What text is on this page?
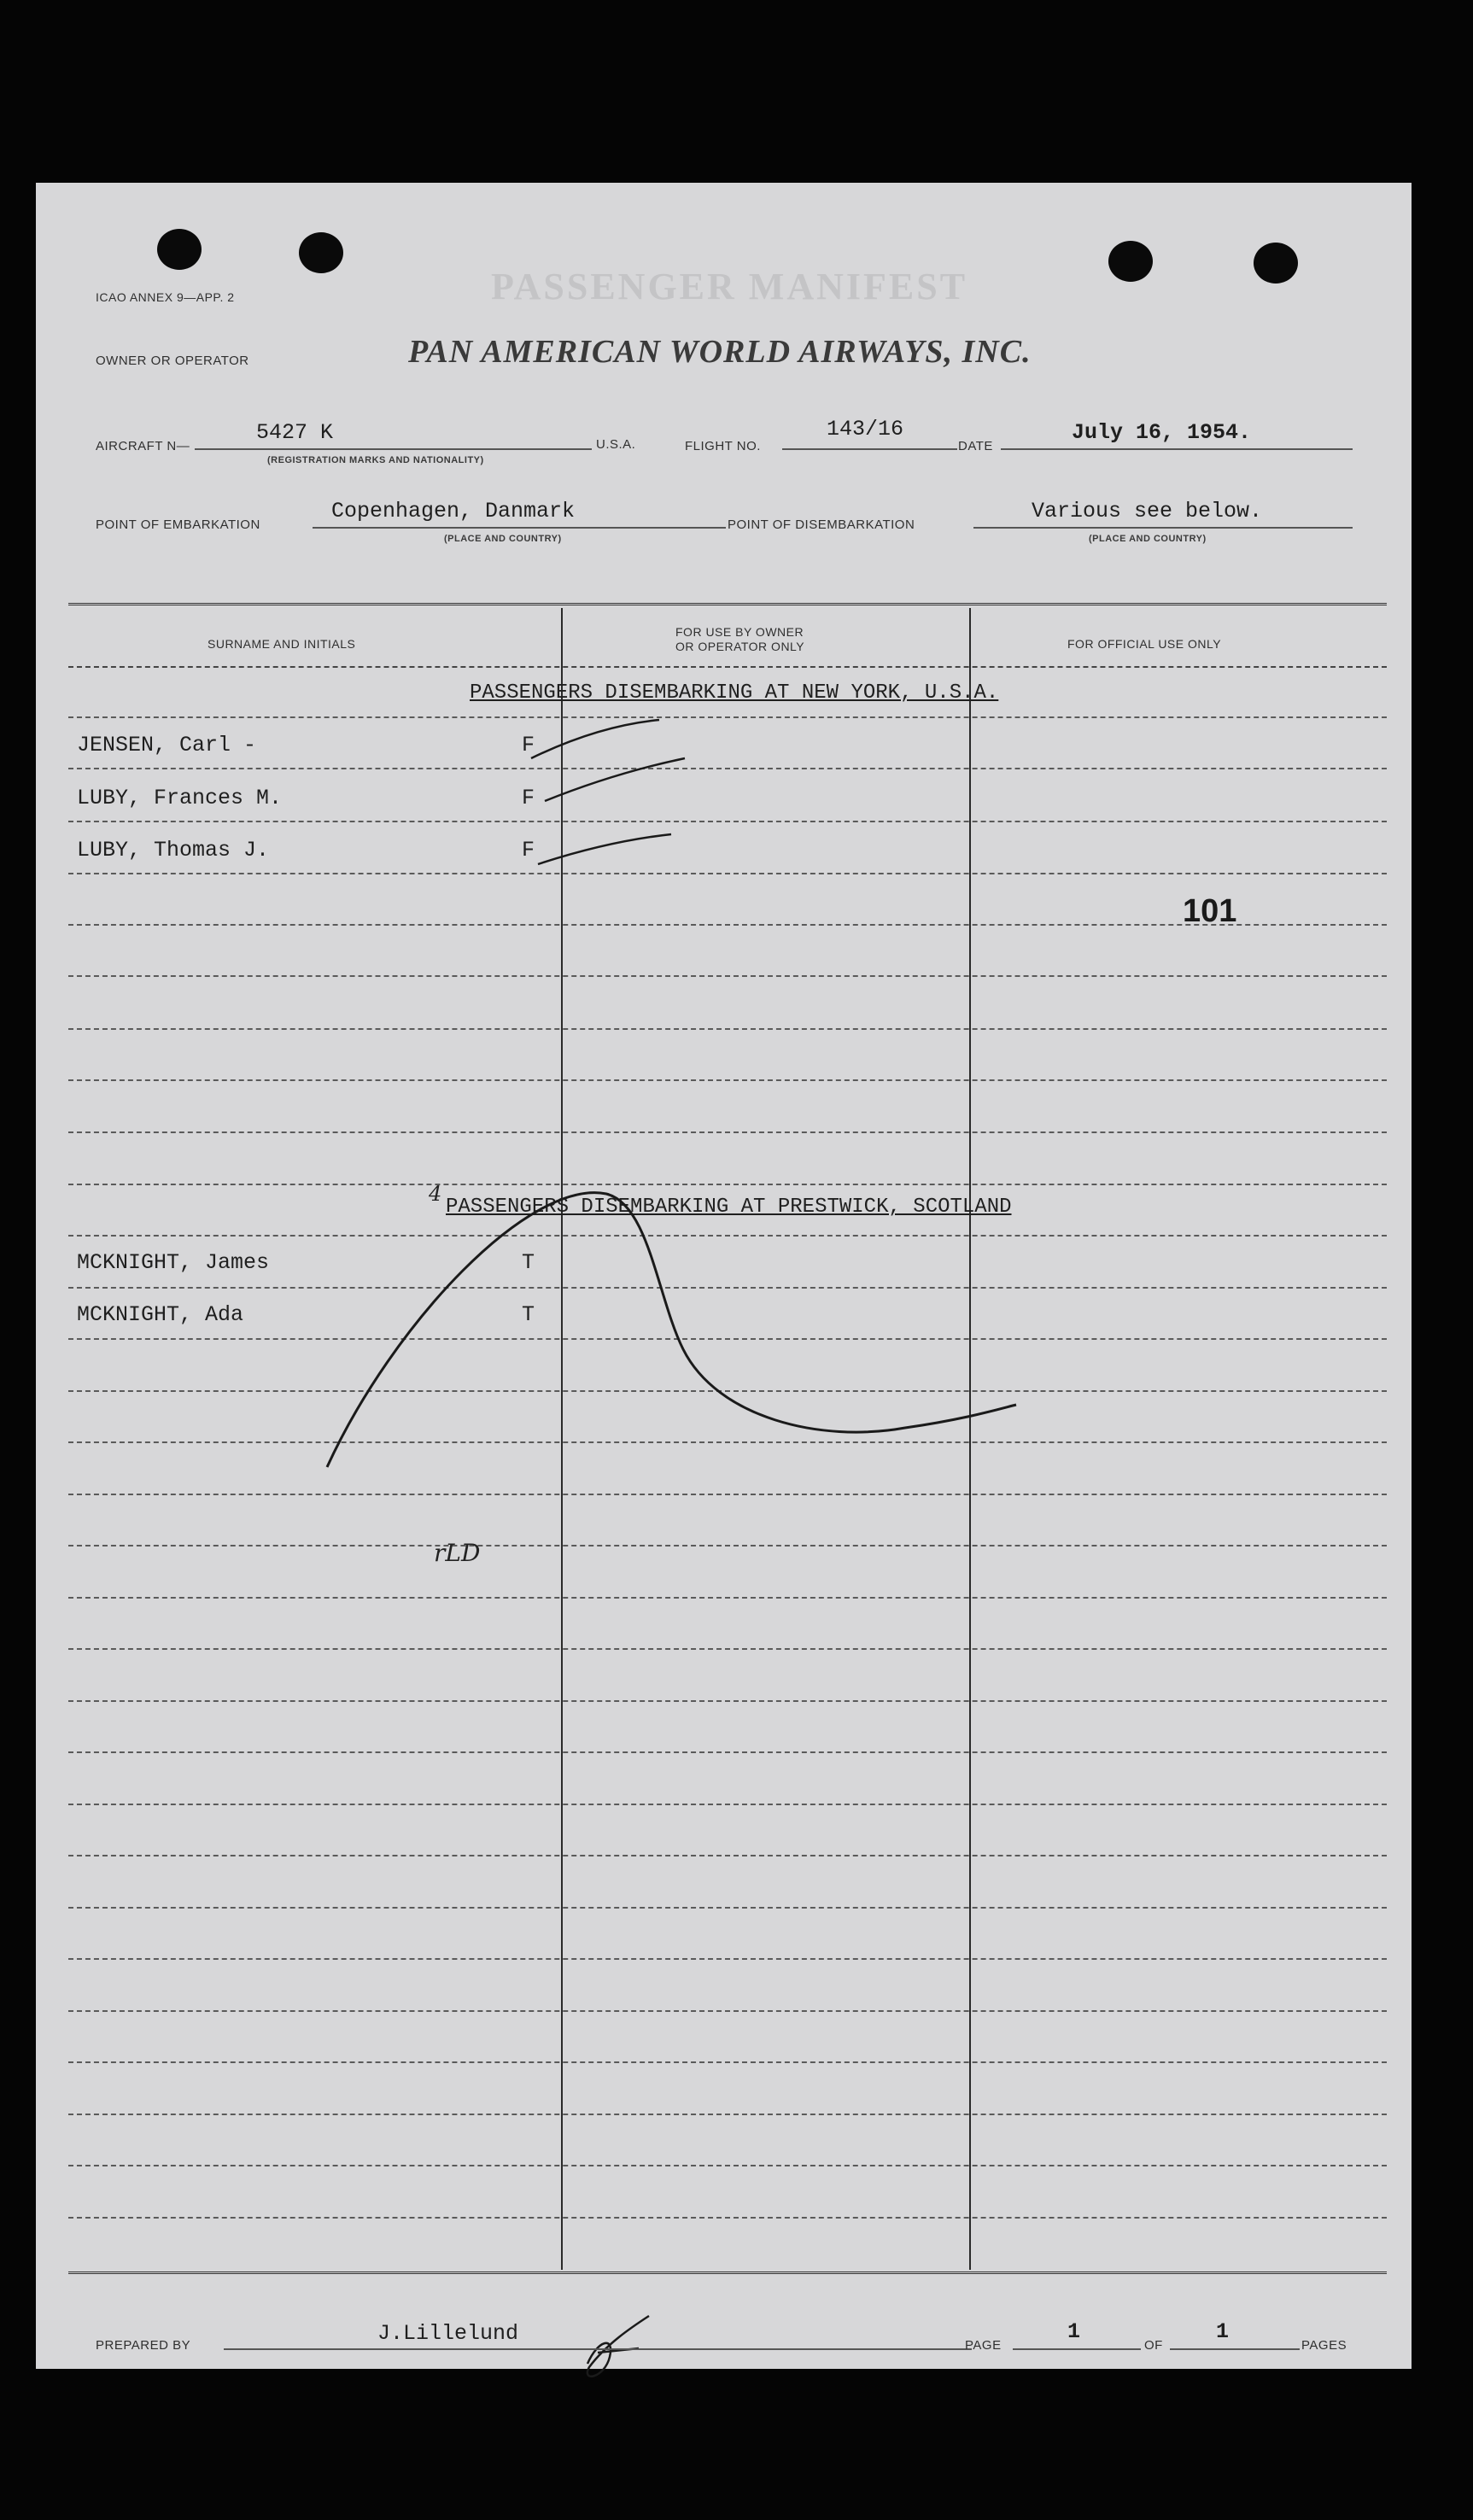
ICAO ANNEX 9—APP. 2	PASSENGER MANIFEST
OWNER OR OPERATOR	PAN AMERICAN WORLD AIRWAYS, INC.
AIRCRAFT N—
5427 K
(REGISTRATION MARKS AND NATIONALITY)
U.S.A.	FLIGHT NO.
143/16
DATE
July 16, 1954.
POINT OF EMBARKATION
Copenhagen, Danmark
(PLACE AND COUNTRY)
POINT OF DISEMBARKATION
Various see below.
(PLACE AND COUNTRY)
SURNAME AND INITIALS
FOR USE BY OWNER
OR OPERATOR ONLY	FOR OFFICIAL USE ONLY
PASSENGERS DISEMBARKING AT NEW YORK, U.S.A.
JENSEN, Carl -	F
LUBY, Frances M.	F
LUBY, Thomas J.	F
101
4
PASSENGERS DISEMBARKING AT PRESTWICK, SCOTLAND
MCKNIGHT, James	T
MCKNIGHT, Ada	T
rLD
PREPARED BY	J.Lillelund	PAGE
1
OF
1
PAGES
